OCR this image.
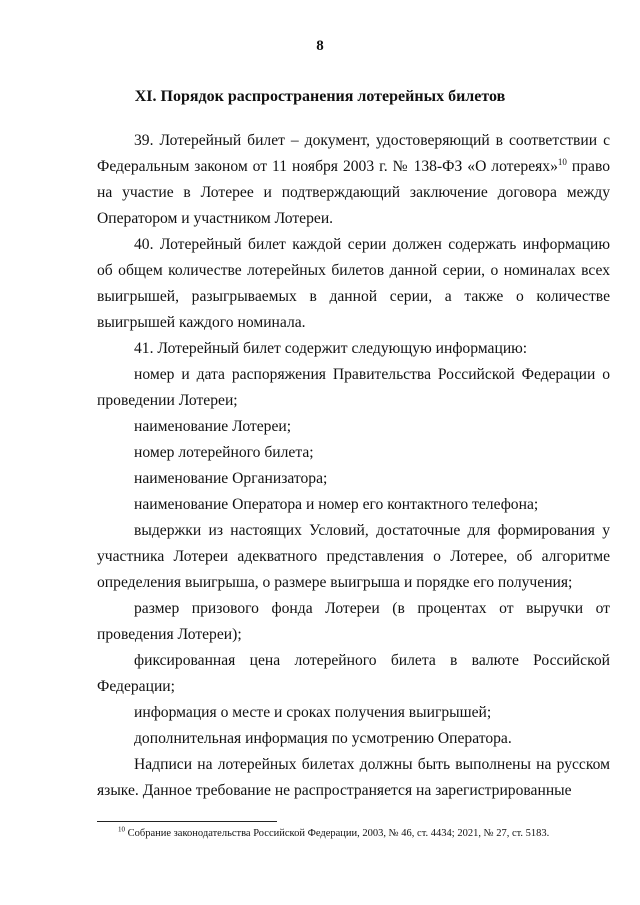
8
XI. Порядок распространения лотерейных билетов

39. Лотерейный билет – документ, удостоверяющий в соответствии с Федеральным законом от 11 ноября 2003 г. № 138-ФЗ «О лотереях»$^{10}$ право на участие в Лотерее и подтверждающий заключение договора между Оператором и участником Лотереи.

40. Лотерейный билет каждой серии должен содержать информацию об общем количестве лотерейных билетов данной серии, о номиналах всех выигрышей, разыгрываемых в данной серии, а также о количестве выигрышей каждого номинала.

41. Лотерейный билет содержит следующую информацию:

номер и дата распоряжения Правительства Российской Федерации о проведении Лотереи;

наименование Лотереи;

номер лотерейного билета;

наименование Организатора;

наименование Оператора и номер его контактного телефона;

выдержки из настоящих Условий, достаточные для формирования у участника Лотереи адекватного представления о Лотерее, об алгоритме определения выигрыша, о размере выигрыша и порядке его получения;

размер призового фонда Лотереи (в процентах от выручки от проведения Лотереи);

фиксированная цена лотерейного билета в валюте Российской Федерации;

информация о месте и сроках получения выигрышей;

дополнительная информация по усмотрению Оператора.

Надписи на лотерейных билетах должны быть выполнены на русском языке. Данное требование не распространяется на зарегистрированные

$^{10}$ Собрание законодательства Российской Федерации, 2003, № 46, ст. 4434; 2021, № 27, ст. 5183.
